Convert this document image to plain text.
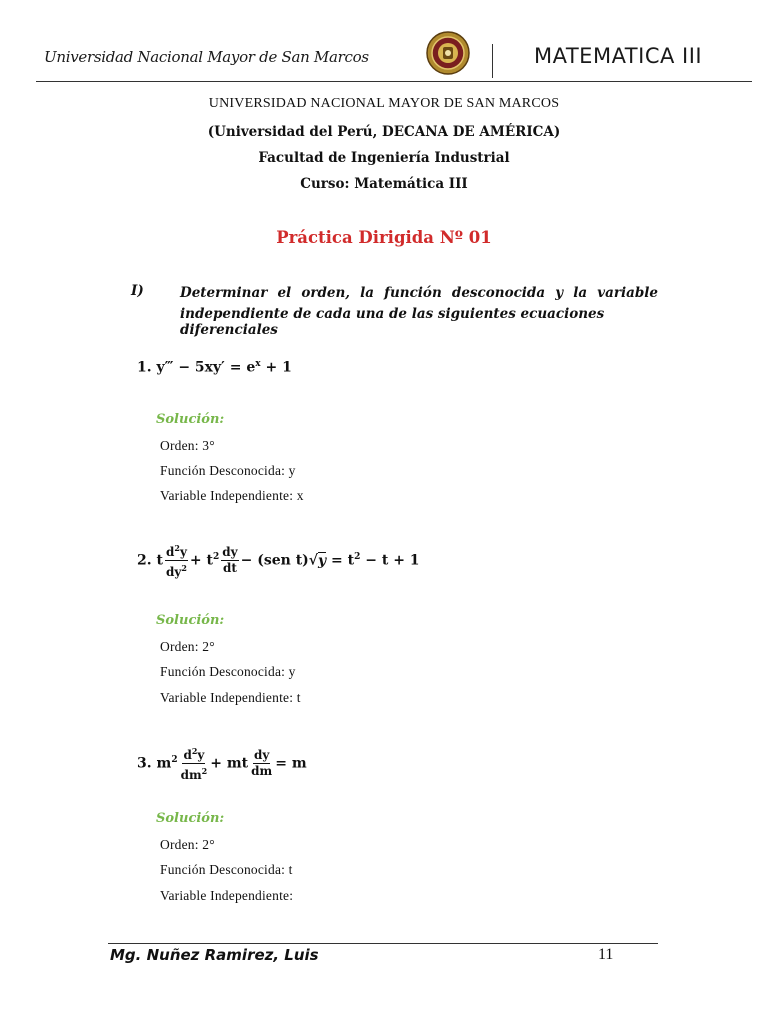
Universidad Nacional Mayor de San Marcos	MATEMATICA III
UNIVERSIDAD NACIONAL MAYOR DE SAN MARCOS
(Universidad del Perú, DECANA DE AMÉRICA)
Facultad de Ingeniería Industrial
Curso: Matemática III
Práctica Dirigida Nº 01
I)	Determinar el orden, la función desconocida y la variable
independiente de cada una de las siguientes ecuaciones diferenciales
1. y‴ − $5xy' = e^x + 1$
Solución:
Orden: 3°
Función Desconocida: y
Variable Independiente: x
2. t $\frac{d^2y}{dy^2} + t^2 \frac{dy}{dt} - (sen$ $t)√y = t^2 - t + 1$
Solución:
Orden: 2°
Función Desconocida: y
Variable Independiente: t
3. $m^2 \frac{d^2y}{dm^2}$ + mt $\frac{dy}{dm} = m$
Solución:
Orden: 2°
Función Desconocida: t
Variable Independiente:
Mg. Nuñez Ramirez, Luis	11
